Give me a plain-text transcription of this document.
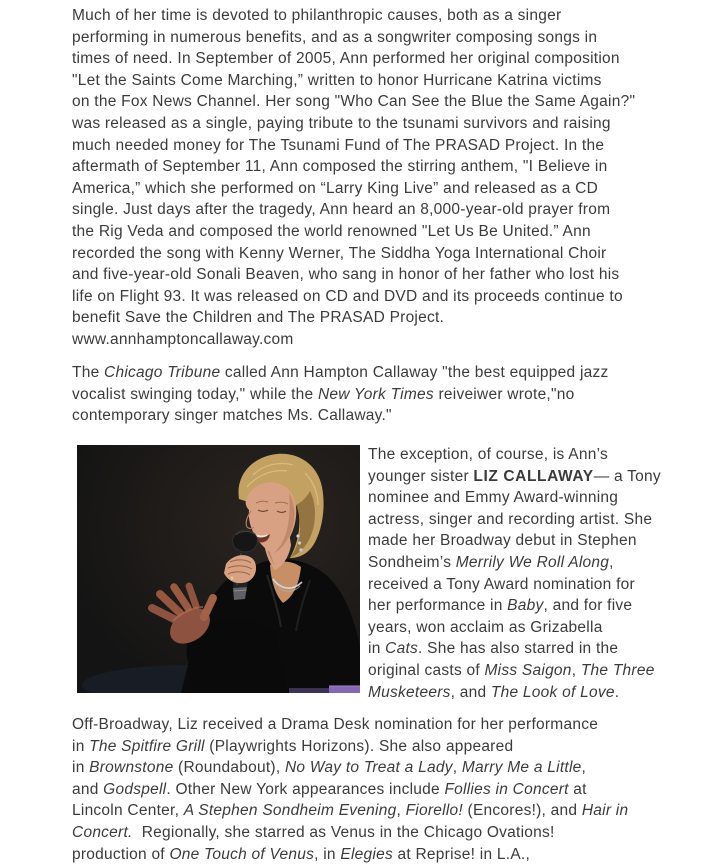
Much of her time is devoted to philanthropic causes, both as a singer
performing in numerous benefits, and as a songwriter composing songs in
times of need. In September of 2005, Ann performed her original composition
"Let the Saints Come Marching,” written to honor Hurricane Katrina victims
on the Fox News Channel. Her song "Who Can See the Blue the Same Again?"
was released as a single, paying tribute to the tsunami survivors and raising
much needed money for The Tsunami Fund of The PRASAD Project. In the
aftermath of September 11, Ann composed the stirring anthem, "I Believe in
America,” which she performed on “Larry King Live” and released as a CD
single. Just days after the tragedy, Ann heard an 8,000-year-old prayer from
the Rig Veda and composed the world renowned "Let Us Be United.” Ann
recorded the song with Kenny Werner, The Siddha Yoga International Choir
and five-year-old Sonali Beaven, who sang in honor of her father who lost his
life on Flight 93. It was released on CD and DVD and its proceeds continue to
benefit Save the Children and The PRASAD Project.
www.annhamptoncallaway.com
The Chicago Tribune called Ann Hampton Callaway "the best equipped jazz
vocalist swinging today," while the New York Times reiveiwer wrote,"no
contemporary singer matches Ms. Callaway."
The exception, of course, is Ann’s
younger sister LIZ CALLAWAY— a Tony
nominee and Emmy Award-winning
actress, singer and recording artist. She
made her Broadway debut in Stephen
Sondheim’s Merrily We Roll Along,
received a Tony Award nomination for
her performance in Baby, and for five
years, won acclaim as Grizabella
in Cats. She has also starred in the
original casts of Miss Saigon, The Three
Musketeers, and The Look of Love.
Off-Broadway, Liz received a Drama Desk nomination for her performance
in The Spitfire Grill (Playwrights Horizons). She also appeared
in Brownstone (Roundabout), No Way to Treat a Lady, Marry Me a Little,
and Godspell. Other New York appearances include Follies in Concert at
Lincoln Center, A Stephen Sondheim Evening, Fiorello! (Encores!), and Hair in
Concert.  Regionally, she starred as Venus in the Chicago Ovations!
production of One Touch of Venus, in Elegies at Reprise! in L.A.,
